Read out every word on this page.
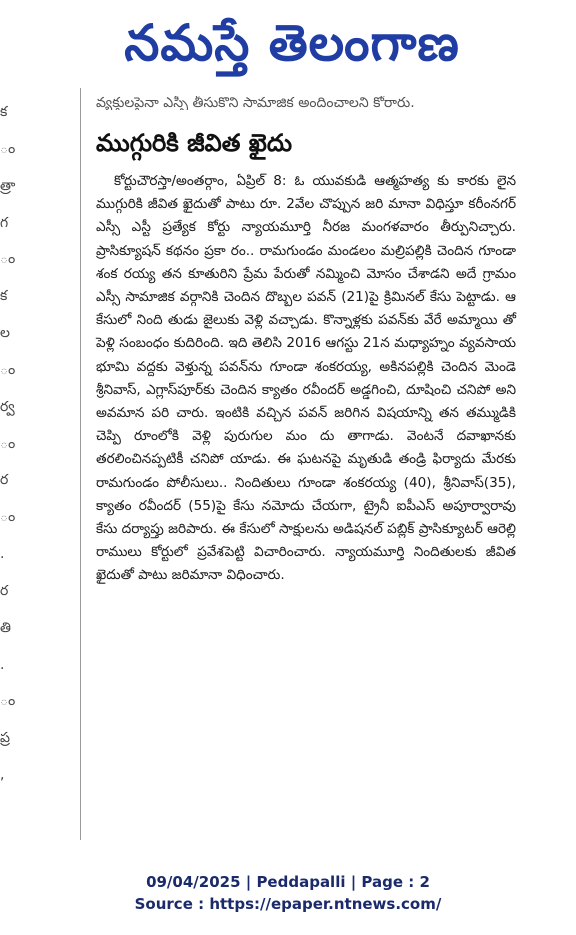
నమస్తే తెలంగాణ
క
ం
త్రా
గ
ం
క
ల
ం
ర్వ
ం
ర
ం
.
ర
తి
.
ం
ప్ర
,
వ్యక్తులపైనా ఎస్సీ తీసుకొని సామాజిక అందించాలని కోరారు.
ముగ్గురికి జీవిత ఖైదు

కోర్టుచౌరస్తా/అంతర్గాం, ఏప్రిల్ 8: ఓ యువకుడి ఆత్మహత్య కు కారకు లైన ముగ్గురికి జీవిత ఖైదుతో పాటు రూ. 2వేల చొప్పున జరి మానా విధిస్తూ కరీంనగర్ ఎస్సీ ఎస్టీ ప్రత్యేక కోర్టు న్యాయమూర్తి నీరజ మంగళవారం తీర్పునిచ్చారు. ప్రాసిక్యూషన్ కథనం ప్రకా రం.. రామగుండం మండలం మల్రిపల్లికి చెందిన గూండా శంక రయ్య తన కూతురిని ప్రేమ పేరుతో నమ్మించి మోసం చేశాడని అదే గ్రామం ఎస్సీ సామాజిక వర్గానికి చెందిన దొబ్బల పవన్ (21)పై క్రిమినల్ కేసు పెట్టాడు. ఆ కేసులో నింది తుడు జైలుకు వెళ్లి వచ్చాడు. కొన్నాళ్లకు పవన్‌కు వేరే అమ్మాయి తో పెళ్లి సంబంధం కుదిరింది. ఇది తెలిసి 2016 ఆగస్టు 21న మధ్యాహ్నం వ్యవసాయ భూమి వద్దకు వెళ్తున్న పవన్‌ను గూండా శంకరయ్య, అకినపల్లికి చెందిన మెండె శ్రీనివాస్, ఎగ్లాస్‌పూర్‌కు చెందిన క్యాతం రవీందర్ అడ్డగించి, దూషించి చనిపో అని అవమాన పరి చారు. ఇంటికి వచ్చిన పవన్ జరిగిన విషయాన్ని తన తమ్ముడికి చెప్పి రూంలోకి వెళ్లి పురుగుల మం దు తాగాడు. వెంటనే దవాఖానకు తరలించినప్పటికీ చనిపో యాడు. ఈ ఘటనపై మృతుడి తండ్రి ఫిర్యాదు మేరకు రామగుండం పోలీసులు.. నిందితులు గూండా శంకరయ్య (40), శ్రీనివాస్(35), క్యాతం రవీందర్ (55)పై కేసు నమోదు చేయగా, ట్రైనీ ఐపీఎస్ అపూర్వారావు కేసు దర్యాప్తు జరిపారు. ఈ కేసులో సాక్షులను అడిషనల్ పబ్లిక్ ప్రాసిక్యూటర్ ఆరెల్లి రాములు కోర్టులో ప్రవేశపెట్టి విచారించారు. న్యాయమూర్తి నిందితులకు జీవిత ఖైదుతో పాటు జరిమానా విధించారు.

09/04/2025 | Peddapalli | Page : 2
Source : https://epaper.ntnews.com/
